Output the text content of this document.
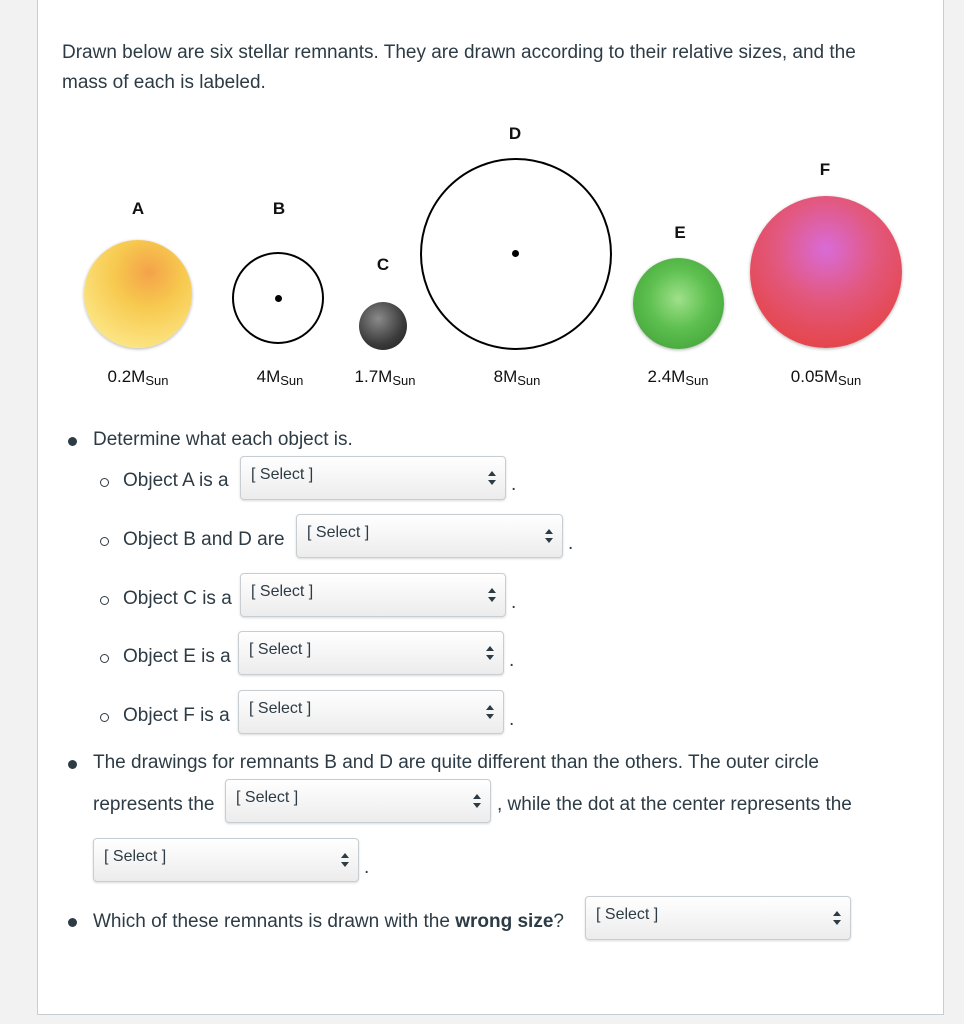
Drawn below are six stellar remnants. They are drawn according to their relative sizes, and the mass of each is labeled.
A
$0.2M_{Sun}$
B
$4M_{Sun}$
C
$1.7M_{Sun}$
D
$8M_{Sun}$
E
$2.4M_{Sun}$
F
$0.05M_{Sun}$
Determine what each object is.
Object A is a [ Select ]	.
Object B and D are [ Select ]
.
Object C is a [ Select ]
.
Object E is a [ Select ]
.
Object F is a [ Select ]
.
The drawings for remnants B and D are quite different than the others. The outer circle
represents the [ Select ]	, while the dot at the center represents the
[ Select ]
.
Which of these remnants is drawn with the wrong size? [ Select ]
